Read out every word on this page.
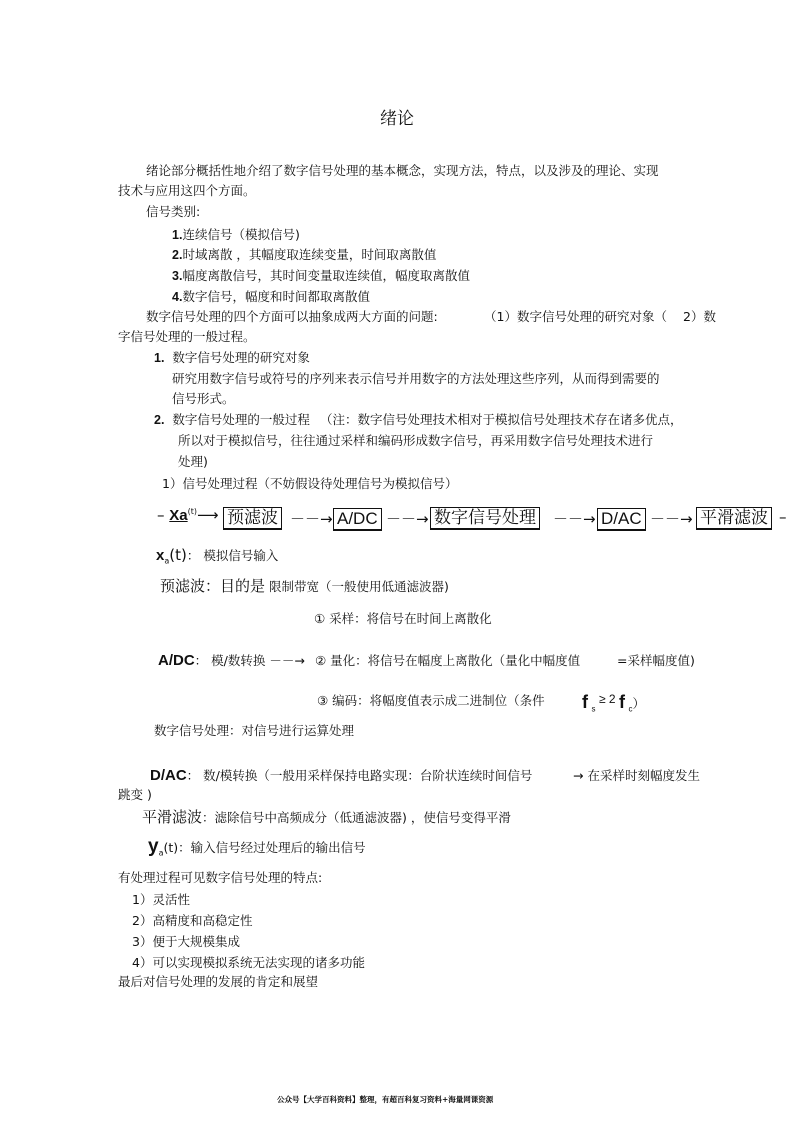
绪论
绪论部分概括性地介绍了数字信号处理的基本概念，实现方法，特点，以及涉及的理论、实现
技术与应用这四个方面。
信号类别:
1.连续信号（模拟信号)
2.时域离散 ，其幅度取连续变量，时间取离散值
3.幅度离散信号，其时间变量取连续值，幅度取离散值
4.数字信号，幅度和时间都取离散值
数字信号处理的四个方面可以抽象成两大方面的问题:	（1）数字信号处理的研究对象（ 2）数
字信号处理的一般过程。
1. 数字信号处理的研究对象
研究用数字信号或符号的序列来表示信号并用数字的方法处理这些序列，从而得到需要的
信号形式。
2. 数字信号处理的一般过程 （注：数字信号处理技术相对于模拟信号处理技术存在诸多优点，
所以对于模拟信号，往往通过采样和编码形成数字信号，再采用数字信号处理技术进行
处理)
1）信号处理过程（不妨假设待处理信号为模拟信号）
– Xa$^{(t)}$⟶ 预滤波 －－→ A/DC －－→ 数字信号处理 －－→ D/AC －－→ 平滑滤波 –
$x_a(t)$： 模拟信号输入
预滤波：目的是 限制带宽（一般使用低通滤波器)
① 采样：将信号在时间上离散化
A/DC： 模/数转换 －－→ ② 量化：将信号在幅度上离散化（量化中幅度值	=采样幅度值)
③ 编码：将幅度值表示成二进制位（条件 f $_s$ $^{\ge 2}$ f $_c$）
数字信号处理：对信号进行运算处理
D/AC： 数/模转换（一般用采样保持电路实现：台阶状连续时间信号	→ 在采样时刻幅度发生
跳变 )
平滑滤波：滤除信号中高频成分（低通滤波器) ，使信号变得平滑
$y_a(t)$：输入信号经过处理后的输出信号
有处理过程可见数字信号处理的特点:
1）灵活性
2）高精度和高稳定性
3）便于大规模集成
4）可以实现模拟系统无法实现的诸多功能
最后对信号处理的发展的肯定和展望
公众号【大学百科资料】整理，有超百科复习资料+海量网课资源
